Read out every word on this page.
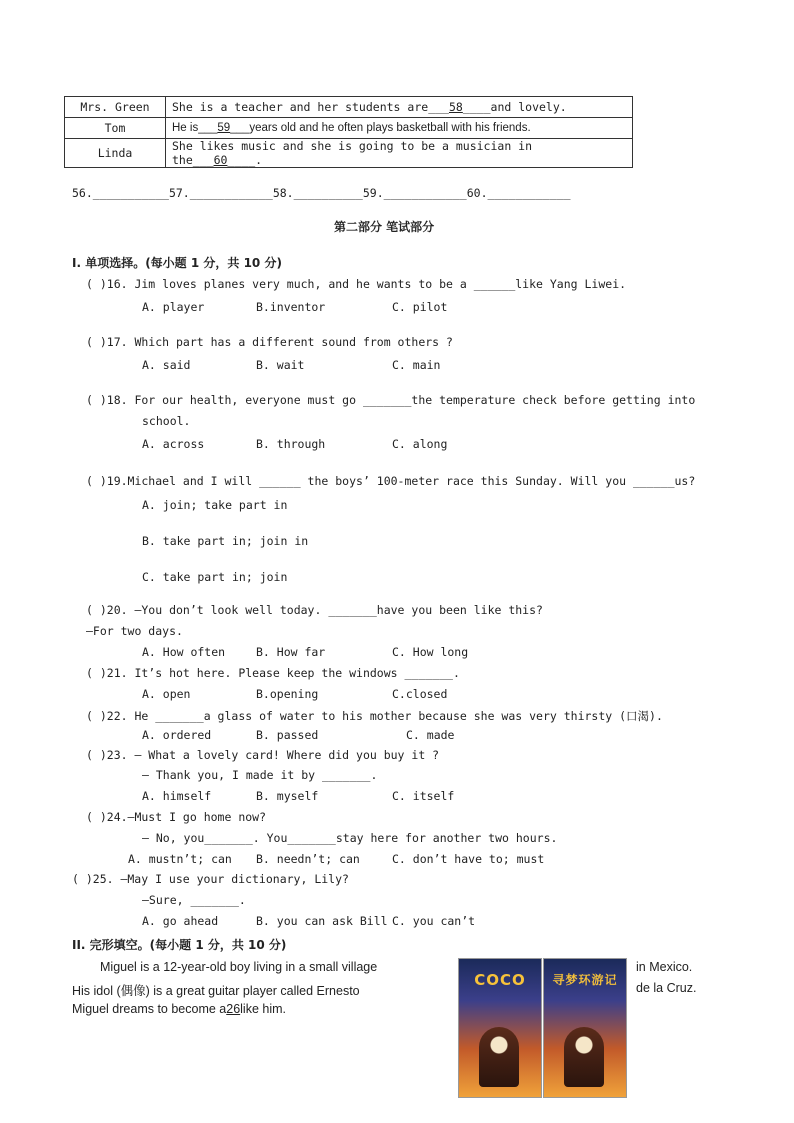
Mrs. Green	She is a teacher and her students are___58____and lovely.
Tom	He is___59___years old and he often plays basketball with his friends.
Linda	She likes music and she is going to be a musician in the___60____.
56.___________57.____________58.__________59.____________60.____________
第二部分 笔试部分
I. 单项选择。(每小题 1 分，共 10 分)
( )16. Jim loves planes very much, and he wants to be a ______like Yang Liwei.
A. player	B.inventor	C. pilot
( )17. Which part has a different sound from others ?
A. said	B. wait	C. main
( )18. For our health, everyone must go _______the temperature check before getting into
school.
A. across	B. through	C. along
( )19.Michael and I will ______ the boys’ 100-meter race this Sunday. Will you ______us?
A. join; take part in
B. take part in; join in
C. take part in; join
( )20. —You don’t look well today. _______have you been like this?
—For two days.
A. How often	B. How far	C. How long
( )21. It’s hot here. Please keep the windows _______.
A. open	B.opening	C.closed
( )22. He _______a glass of water to his mother because she was very thirsty (口渴).
A. ordered	B. passed	C. made
( )23. — What a lovely card! Where did you buy it ?
— Thank you, I made it by _______.
A. himself	B. myself	C. itself
( )24.—Must I go home now?
— No, you_______. You_______stay here for another two hours.
A. mustn’t; can B. needn’t; can	C. don’t have to; must
( )25. —May I use your dictionary, Lily?
—Sure, _______.
A. go ahead	B. you can ask Bill C. you can’t
II. 完形填空。(每小题 1 分，共 10 分)
Miguel is a 12-year-old boy living in a small village	in Mexico.
His idol (偶像) is a great guitar player called Ernesto	de la Cruz.
Miguel dreams to become a26like him.
COCO	寻梦环游记
